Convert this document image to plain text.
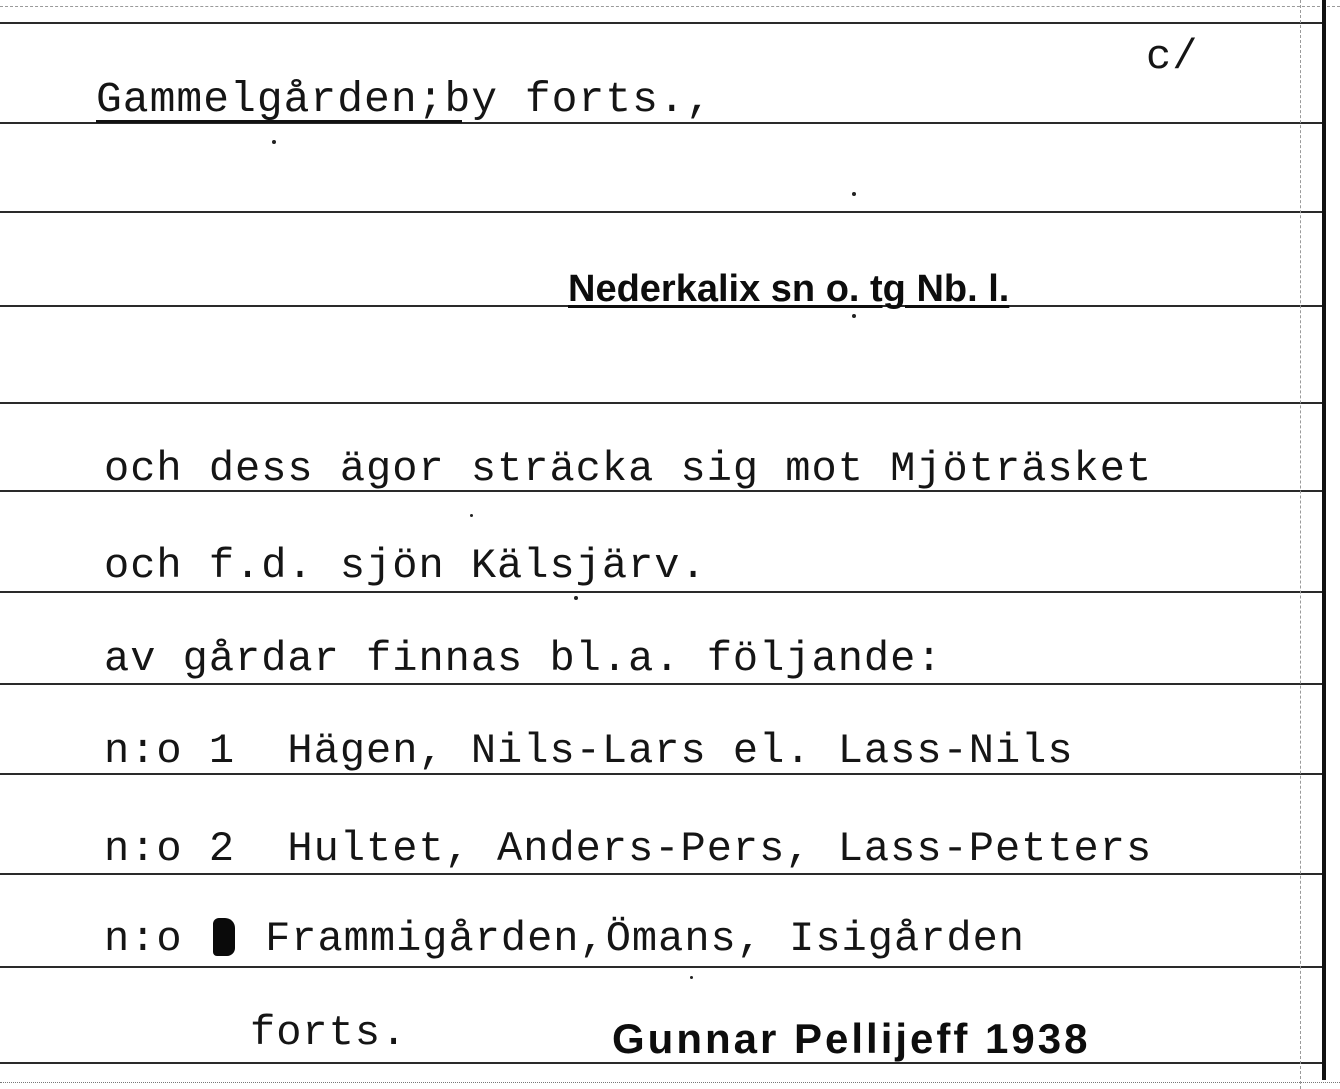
c/
Gammelgården;by forts.,
Nederkalix sn o. tg Nb. l.
och dess ägor sträcka sig mot Mjöträsket
och f.d. sjön Kälsjärv.
av gårdar finnas bl.a. följande:
n:o 1  Hägen, Nils-Lars el. Lass-Nils
n:o 2  Hultet, Anders-Pers, Lass-Petters
n:o Frammigården,Ömans, Isigården
forts.	Gunnar Pellijeff 1938
